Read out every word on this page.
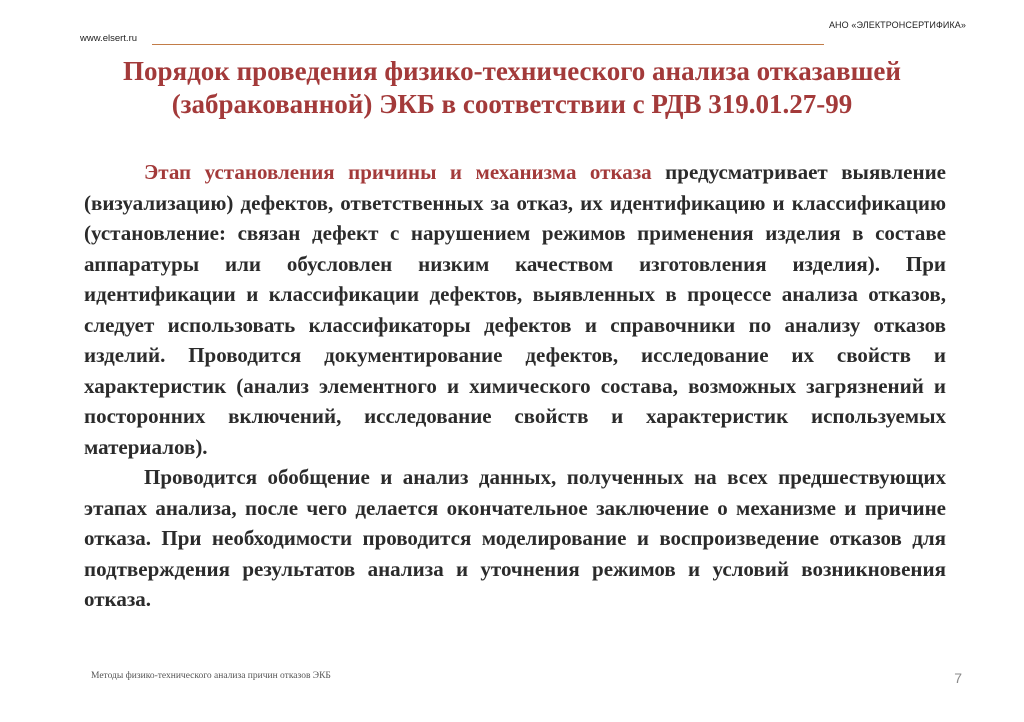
АНО «ЭЛЕКТРОНСЕРТИФИКА»
www.elsert.ru
Порядок проведения физико-технического анализа отказавшей (забракованной) ЭКБ в соответствии с РДВ 319.01.27-99

Этап установления причины и механизма отказа предусматривает выявление (визуализацию) дефектов, ответственных за отказ, их идентификацию и классификацию (установление: связан дефект с нарушением режимов применения изделия в составе аппаратуры или обусловлен низким качеством изготовления изделия). При идентификации и классификации дефектов, выявленных в процессе анализа отказов, следует использовать классификаторы дефектов и справочники по анализу отказов изделий. Проводится документирование дефектов, исследование их свойств и характеристик (анализ элементного и химического состава, возможных загрязнений и посторонних включений, исследование свойств и характеристик используемых материалов).

Проводится обобщение и анализ данных, полученных на всех предшествующих этапах анализа, после чего делается окончательное заключение о механизме и причине отказа. При необходимости проводится моделирование и воспроизведение отказов для подтверждения результатов анализа и уточнения режимов и условий возникновения отказа.

Методы физико-технического анализа причин отказов ЭКБ	7
